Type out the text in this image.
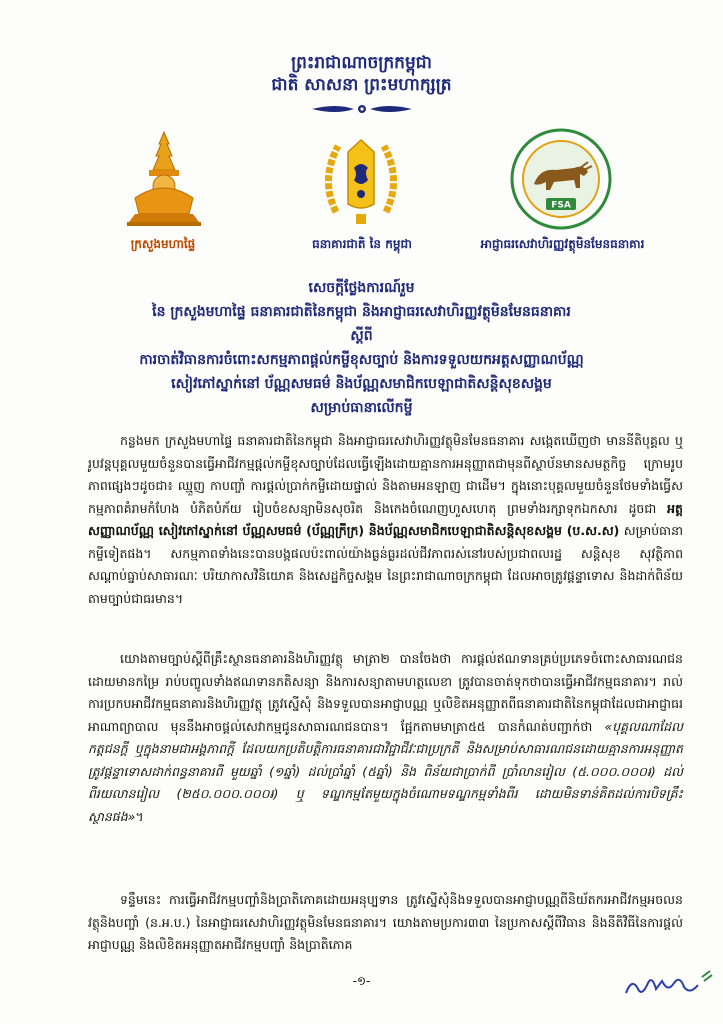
ព្រះរាជាណាចក្រកម្ពុជា
ជាតិ សាសនា ព្រះមហាក្សត្រ
ក្រសួងមហាផ្ទៃ	ធនាគារជាតិ នៃ កម្ពុជា
FSA
អាជ្ញាធរសេវាហិរញ្ញវត្ថុមិនមែនធនាគារ
សេចក្ដីថ្លែងការណ៍រួម
នៃ ក្រសួងមហាផ្ទៃ ធនាគារជាតិនៃកម្ពុជា និងអាជ្ញាធរសេវាហិរញ្ញវត្ថុមិនមែនធនាគារ
ស្ដីពី
ការចាត់វិធានការចំពោះសកម្មភាពផ្ដល់កម្ចីខុសច្បាប់ និងការទទួលយកអត្តសញ្ញាណប័ណ្ណ
សៀវភៅស្នាក់នៅ ប័ណ្ណសមធម៌ និងប័ណ្ណសមាជិកបេឡាជាតិសន្តិសុខសង្គម
សម្រាប់ធានាលើកម្ចី

កន្លងមក ក្រសួងមហាផ្ទៃ ធនាគារជាតិនៃកម្ពុជា និងអាជ្ញាធរសេវាហិរញ្ញវត្ថុមិនមែនធនាគារ សង្កេតឃើញថា មាននីតិបុគ្គល ឬរូបវន្តបុគ្គលមួយចំនួនបានធ្វើអាជីវកម្មផ្ដល់កម្ចីខុសច្បាប់ដែលធ្វើឡើងដោយគ្មានការអនុញ្ញាតជាមុនពីស្ថាប័នមានសមត្ថកិច្ច ក្រោមរូបភាពផ្សេងៗដូចជា៖ ឈ្មួញ កាបញ្ចាំ ការផ្ដល់ប្រាក់កម្ចីដោយផ្ទាល់ និងតាមអនឡាញ ជាដើម។ ក្នុងនោះបុគ្គលមួយចំនួនថែមទាំងធ្វើសកម្មភាពគំរាមកំហែង បំភិតបំភ័យ រៀបចំខសន្យាមិនសុចរិត និងកេងចំណេញហួសហេតុ ព្រមទាំងរក្សាទុកឯកសារ ដូចជា អត្តសញ្ញាណប័ណ្ណ សៀវភៅស្នាក់នៅ ប័ណ្ណសមធម៌ (ប័ណ្ណក្រីក្រ) និងប័ណ្ណសមាជិកបេឡាជាតិសន្តិសុខសង្គម (ប.ស.ស) សម្រាប់ធានាកម្ចីទៀតផង។ សកម្មភាពទាំងនេះបានបង្កផលប៉ះពាល់យ៉ាងធ្ងន់ធ្ងរដល់ជីវភាពរស់នៅរបស់ប្រជាពលរដ្ឋ សន្តិសុខ សុវត្ថិភាព សណ្ដាប់ធ្នាប់សាធារណៈ បរិយាកាសវិនិយោគ និងសេដ្ឋកិច្ចសង្គម នៃព្រះរាជាណាចក្រកម្ពុជា ដែលអាចត្រូវផ្ដន្ទាទោស និងដាក់ពិន័យតាមច្បាប់ជាធរមាន។

យោងតាមច្បាប់ស្ដីពីគ្រឹះស្ថានធនាគារនិងហិរញ្ញវត្ថុ មាត្រា២ បានចែងថា ការផ្ដល់ឥណទានគ្រប់ប្រភេទចំពោះសាធារណជន ដោយមានកម្រៃ រាប់បញ្ចូលទាំងឥណទានភតិសន្យា និងការសន្យាតាមហត្ថលេខា ត្រូវបានចាត់ទុកថាបានធ្វើអាជីវកម្មធនាគារ។ រាល់ការប្រកបអាជីវកម្មធនាគារនិងហិរញ្ញវត្ថុ ត្រូវស្នើសុំ និងទទួលបានអាជ្ញាបណ្ណ ឬលិខិតអនុញ្ញាតពីធនាគារជាតិនៃកម្ពុជាដែលជាអាជ្ញាធរអាណាព្យាបាល មុននឹងអាចផ្ដល់សេវាកម្មជូនសាធារណជនបាន។ ផ្អែកតាមមាត្រា៥៥ បានកំណត់បញ្ជាក់ថា «បុគ្គលណាដែលកត្តជនក្ដី ឬក្នុងនាមជាអង្គភាពក្ដី ដែលយកប្រតិបត្តិការធនាគារជាវិជ្ជាជីវៈជាប្រក្រតី និងសម្រាប់សាធារណជនដោយគ្មានការអនុញ្ញាត ត្រូវផ្ដន្ទាទោសដាក់ពន្ធនាគារពី មួយឆ្នាំ (១ឆ្នាំ) ដល់ប្រាំឆ្នាំ (៥ឆ្នាំ) និង ពិន័យជាប្រាក់ពី ប្រាំលានរៀល (៥.០០០.០០០៛) ដល់ពីរយលានរៀល (២៥០.០០០.០០០៛) ឬ ទណ្ឌកម្មតែមួយក្នុងចំណោមទណ្ឌកម្មទាំងពីរ ដោយមិនទាន់គិតដល់ការបិទគ្រឹះស្ថានផង»។

ទន្ទឹមនេះ ការធ្វើអាជីវកម្មបញ្ចាំនិងប្រាតិភោគដោយអនុប្បទាន ត្រូវស្នើសុំនិងទទួលបានអាជ្ញាបណ្ណពីនិយ័តករអាជីវកម្មអចលនវត្ថុនិងបញ្ចាំ (ន.អ.ប.) នៃអាជ្ញាធរសេវាហិរញ្ញវត្ថុមិនមែនធនាគារ។ យោងតាមប្រការ៣៣ នៃប្រកាសស្ដីពីវិធាន និងនីតិវិធីនៃការផ្ដល់អាជ្ញាបណ្ណ និងលិខិតអនុញ្ញាតអាជីវកម្មបញ្ចាំ និងប្រាតិភោគ

-១-
